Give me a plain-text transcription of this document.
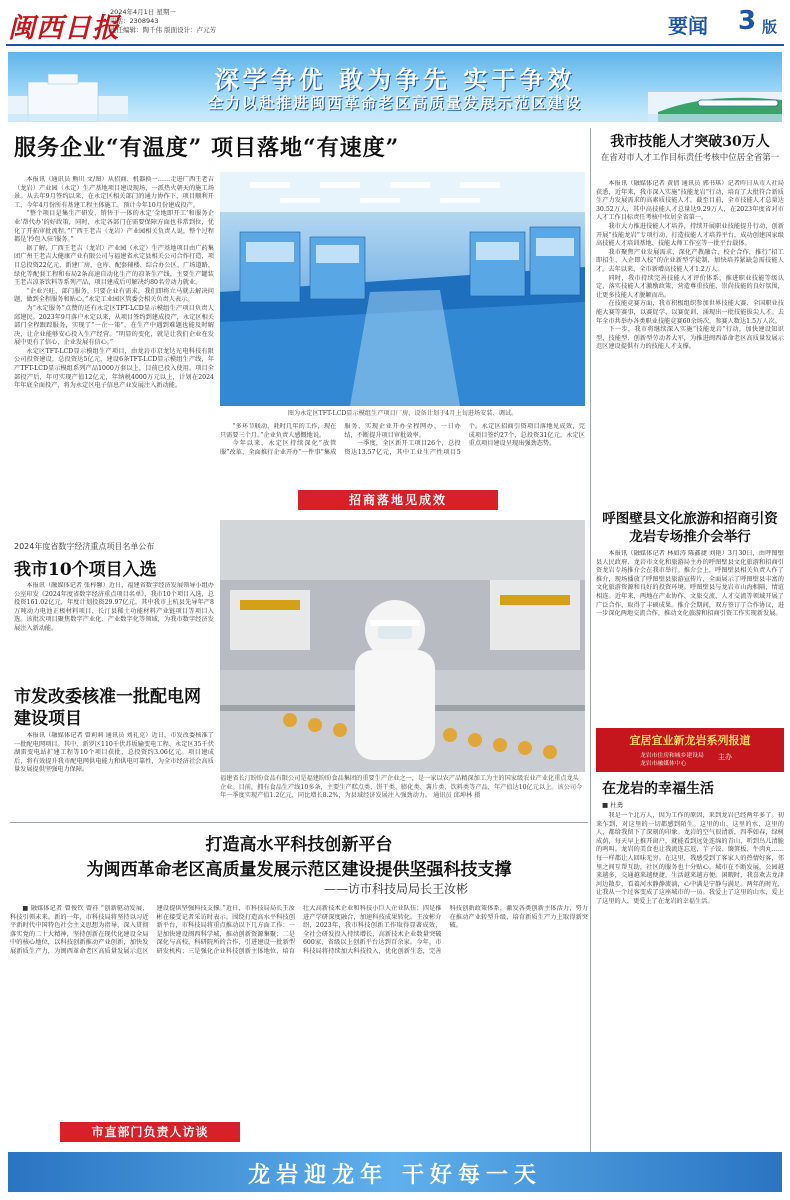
闽西日报
2024年4月1日 星期一
电话：2308943
责任编辑：陶千伟 版面设计：卢元芳	要闻 3 版
深学争优 敢为争先 实干争效
全力以赴推进闽西革命老区高质量发展示范区建设
服务企业“有温度” 项目落地“有速度”

本报讯（通讯员 熊川 文/图）从招商、机器换一……走进广西王老吉（龙岩）产业园（永定）生产基地项目建设现场，一派热火朝天的施工场景。从去年9月签约以来，在永定区相关部门的通力协作下，项目顺利开工，今年4月份所有基建工程主体施工，预计今年10月份建成投产。

“整个项目是集生产研发、销售于一体的永定‘金地即开工’和服务企业‘帮代办’的好政策，同时，永定各部门在需要保障方面也非常到位，优化了开拓审批流程。”广西王老吉（龙岩）产业园相关负责人说，整个过程都是‘拎包入驻’服务。”

据了解，广西王老吉（龙岩）产业园（永定）生产基地项目由广药集团广州王老吉大健康产业有限公司与福建省永定县相关公司合作打造，项目总投资22亿元，新建厂房、仓库、配套辅楼、综合办公区、广场道路、绿化等配套工程和布局2条高速自动化生产的凉茶生产线，主要生产罐装王老吉凉茶饮料等系列产品，项目建成后可解决约80名劳动力就业。

“企业兴旺，部门服务，只要企业有需求，我们即将立马就去解决问题，做到全程服务和贴心。”永定工业园区管委会相关负责人表示。

为“永定服务”点赞的还有永定区TFT-LCD显示模组生产项目负责人邱建民。2023年9月落户永定以来，从项目签约到建成投产，永定区相关部门全程跟踪服务，实现了“一企一策”，在生产中遇到难题也能及时解决，让企业能够安心投入生产经营。“明显的变化，就是让我们企业在发展中更有了信心，企业发展有信心。”

永定区TFT-LCD显示模组生产项目，由龙岩市京龙达光电科技有限公司投资建设，总投资达5亿元，建设6条TFT-LCD显示模组生产线，年产TFT-LCD显示模组系列产品1000万套以上，目前已投入使用。项目全部投产后，年可实现产值12亿元，年纳税4000万元以上，计划在2024年年底全面投产，将为永定区电子信息产业发展注入新动能。

图为永定区TFT-LCD显示模组生产项目厂房，设备计划于4月上旬进场安装、调试。

“多环节联动，耗时几年的工作，现在只需要三个月。”企业负责人感慨地说。

今年以来，永定区持续深化“放管服”改革，全面推行企业开办“一件事”集成服务，实现企业开办全程网办、一日办结，不断提升项目审批效率。

一季度，全区新开工项目26个，总投资达13.57亿元，其中工业生产性项目5个。永定区招商引资项目落地见成效，完成项目签约27个，总投资31亿元，永定区重点项目建设呈现出强劲态势。

招商落地见成效
2024年度省数字经济重点项目名单公布
我市10个项目入选

本报讯（融媒体记者 张梓馨）近日，福建省数字经济发展领导小组办公室印发《2024年度省数字经济重点项目名单》，我市10个项目入选，总投资161.02亿元，年度计划投资29.97亿元。其中我市上杭县先导年产8万吨动力电池正极材料项目、长汀县稀土功能材料产业链项目等项目入选。该批次项目聚焦数字产业化、产业数字化等领域，为我市数字经济发展注入新动能。

市发改委核准一批配电网建设项目

本报讯（融媒体记者 曾莉莉 通讯员 刘礼克）近日，市发改委核准了一批配电网项目。其中，新罗区110千伏苏坂输变电工程、永定区35千伏湖雷变电站扩建工程等10个项目获批，总投资约3.06亿元。项目建成后，将有效提升我市配电网供电能力和供电可靠性，为全市经济社会高质量发展提供坚强电力保障。

福建省长汀盼盼食品有限公司是福建盼盼食品集团的重要生产企业之一，是一家以农产品精深加工为主的国家级农业产业化重点龙头企业。目前，拥有食品生产线10多条，主要生产糕点类、饼干类、膨化类、薯片类、饮料类等产品，年产值达10亿元以上。该公司今年一季度实现产值1.2亿元，同比增长8.2%，为县域经济发展注入强劲动力。 通讯员 邱坤林 摄
我市技能人才突破30万人
在省对市人才工作目标责任考核中位居全省第一

本报讯（融媒体记者 黄倩 通讯员 郭书琪）记者昨日从市人社局获悉，近年来，我市深入实施“技能龙岩”行动，培育了大批符合新质生产力发展需求的高素质技能人才。截至目前，全市技能人才总量达30.52万人，其中高技能人才总量达9.29万人，在2023年度省对市人才工作目标责任考核中位居全省第一。

我市大力推进技能人才培养，持续开展职业技能提升行动，创新开展“技能龙岩”专项行动，打造技能人才培养平台，成功创建国家级高技能人才培训基地、技能大师工作室等一批平台载体。

我市聚焦产业发展需求，深化产教融合、校企合作，推行“招工即招生、入企即入校”的企业新型学徒制，加快培养紧缺急需技能人才。去年以来，全市新增高技能人才1.2万人。

同时，我市持续完善技能人才评价体系，推进职业技能等级认定，落实技能人才激励政策，营造尊重技能、崇尚技能的良好氛围，让更多技能人才脱颖而出。

在技能竞赛方面，我市积极组织参加世界技能大赛、全国职业技能大赛等赛事，以赛促学、以赛促训，涌现出一批技能拔尖人才。去年全市共举办各类职业技能竞赛60余场次，参赛人数达1.5万人次。

下一步，我市将继续深入实施“技能龙岩”行动，加快建设知识型、技能型、创新型劳动者大军，为推进闽西革命老区高质量发展示范区建设提供有力的技能人才支撑。

呼图壁县文化旅游和招商引资龙岩专场推介会举行

本报讯（融媒体记者 林如涛 陈鑫捷 刘艳）3月30日，由呼图壁县人民政府、龙岩市文化和旅游局主办的呼图壁县文化旅游和招商引资龙岩专场推介会在我市举行。推介会上，呼图壁县相关负责人作了推介，现场播放了呼图壁县旅游宣传片，全面展示了呼图壁县丰富的文化旅游资源和良好的投资环境。呼图壁县与龙岩市山海相隔，情谊相连。近年来，两地在产业协作、文旅交流、人才交流等领域开展了广泛合作，取得了丰硕成果。推介会期间，双方签订了合作协议，进一步深化两地交流合作，推动文化旅游和招商引资工作实现新发展。

宜居宜业新龙岩系列报道
龙岩市住房和城乡建设局
龙岩市融媒体中心
主办
在龙岩的幸福生活
■ 杜勇

我是一个北方人，因为工作的原因，来到龙岩已经两年多了。初来乍到，对这里的一切都感到陌生。这里的山、这里的水、这里的人，都给我留下了深刻的印象。龙岩的空气很清新，四季如春，绿树成荫，每天早上推开窗户，就能看到远处连绵的青山，听到鸟儿清脆的鸣叫。龙岩的美食也让我流连忘返，芋子饺、簸箕板、牛肉丸……每一样都让人回味无穷。在这里，我感受到了客家人的热情好客，邻里之间互帮互助，社区的服务也十分贴心。城市在不断发展，公园越来越多，交通越来越便捷，生活越来越方便。闲暇时，我喜欢去龙津河边散步，看着河水静静流淌，心中满是宁静与满足。两年的时光，让我从一个过客变成了这座城市的一员。我爱上了这里的山水，爱上了这里的人，更爱上了在龙岩的幸福生活。

打造高水平科技创新平台
为闽西革命老区高质量发展示范区建设提供坚强科技支撑
——访市科技局局长王汝彬

■ 融媒体记者 曾俊钦 曾祥 “创新驱动发展，科技引领未来。新的一年，市科技局将坚持以习近平新时代中国特色社会主义思想为指导，深入贯彻落实党的二十大精神，坚持创新在现代化建设全局中的核心地位，以科技创新推动产业创新，加快发展新质生产力，为闽西革命老区高质量发展示范区建设提供坚强科技支撑。”近日，市科技局局长王汝彬在接受记者采访时表示。围绕打造高水平科技创新平台，市科技局将重点推动以下几方面工作：一是加快建设闽西科学城，推动创新资源集聚；二是深化与高校、科研院所的合作，引进建设一批新型研发机构；三是强化企业科技创新主体地位，培育壮大高新技术企业和科技小巨人企业队伍；四是推进产学研深度融合，加速科技成果转化。王汝彬介绍，2023年，我市科技创新工作取得显著成效，全社会研发投入持续增长，高新技术企业数量突破600家，省级以上创新平台达到百余家。今年，市科技局将持续加大科技投入，优化创新生态，完善科技创新政策体系，激发各类创新主体活力，努力在推动产业转型升级、培育新质生产力上取得新突破。

市直部门负责人访谈
龙岩迎龙年 干好每一天
